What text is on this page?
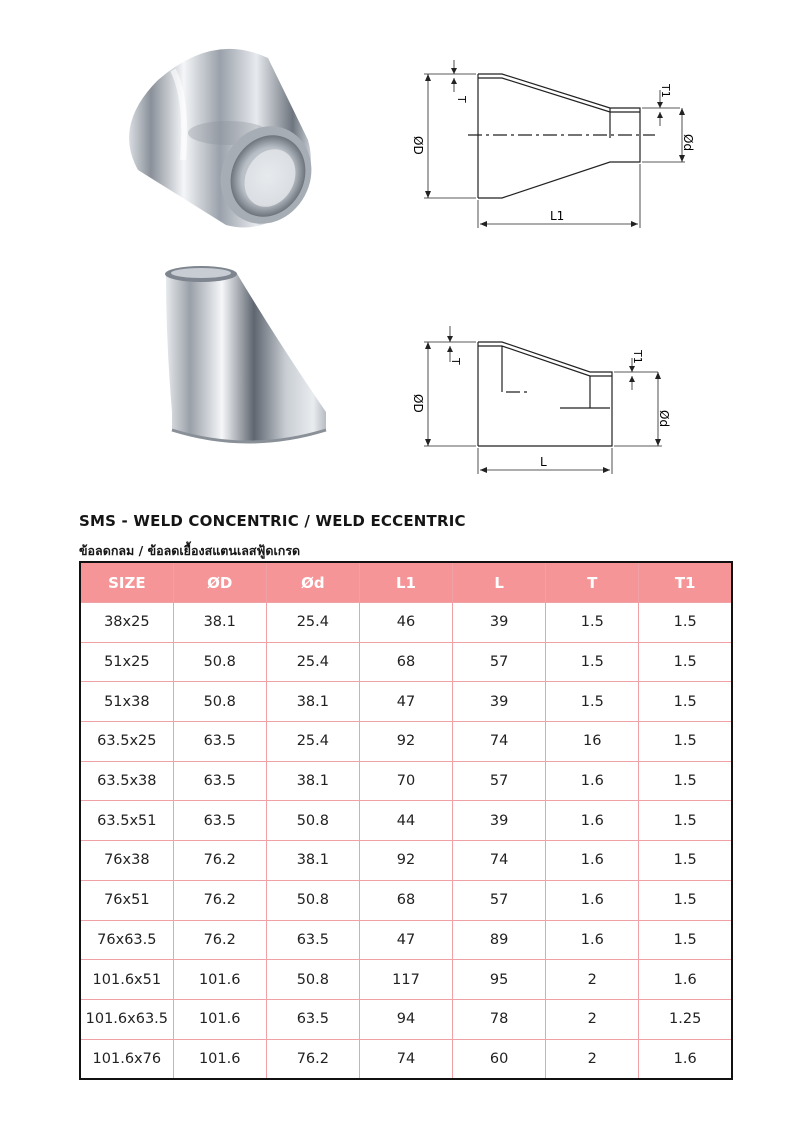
ØD
T
T1
Ød
L1
ØD
T	T1
Ød
L
SMS - WELD CONCENTRIC / WELD ECCENTRIC

ข้อลดกลม / ข้อลดเยื้องสแตนเลสฟู้ดเกรด

SIZE	ØD	Ød	L1	L	T	T1
38x25	38.1	25.4	46	39	1.5	1.5
51x25	50.8	25.4	68	57	1.5	1.5
51x38	50.8	38.1	47	39	1.5	1.5
63.5x25	63.5	25.4	92	74	16	1.5
63.5x38	63.5	38.1	70	57	1.6	1.5
63.5x51	63.5	50.8	44	39	1.6	1.5
76x38	76.2	38.1	92	74	1.6	1.5
76x51	76.2	50.8	68	57	1.6	1.5
76x63.5	76.2	63.5	47	89	1.6	1.5
101.6x51	101.6	50.8	117	95	2	1.6
101.6x63.5	101.6	63.5	94	78	2	1.25
101.6x76	101.6	76.2	74	60	2	1.6
